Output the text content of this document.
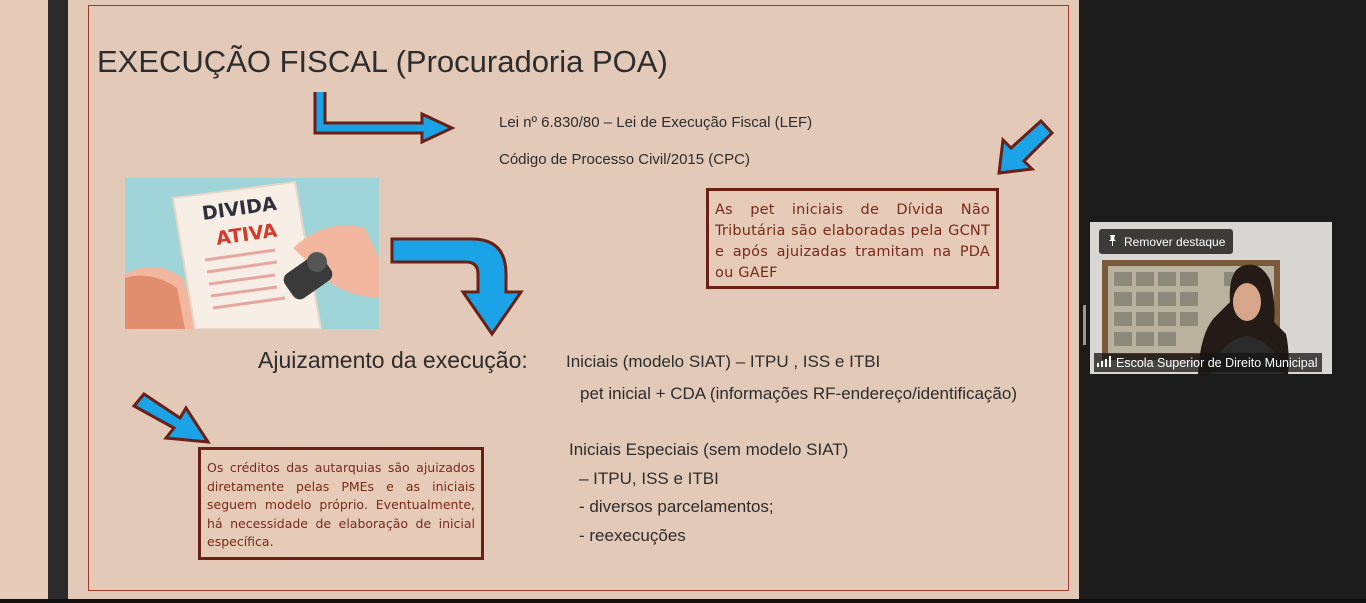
EXECUÇÃO FISCAL (Procuradoria POA)
Lei nº 6.830/80 – Lei de Execução Fiscal (LEF)
Código de Processo Civil/2015 (CPC)
As pet iniciais de Dívida Não Tributária são elaboradas pela GCNT e após ajuizadas tramitam na PDA ou GAEF
DIVIDA
ATIVA
Ajuizamento da execução: Iniciais (modelo SIAT) – ITPU , ISS e ITBI
pet inicial + CDA (informações RF-endereço/identificação)
Os créditos das autarquias são ajuizados diretamente pelas PMEs e as iniciais seguem modelo próprio. Eventualmente, há necessidade de elaboração de inicial específica.
Iniciais Especiais (sem modelo SIAT)
– ITPU, ISS e ITBI
- diversos parcelamentos;
- reexecuções
Remover destaque
Escola Superior de Direito Municipal
